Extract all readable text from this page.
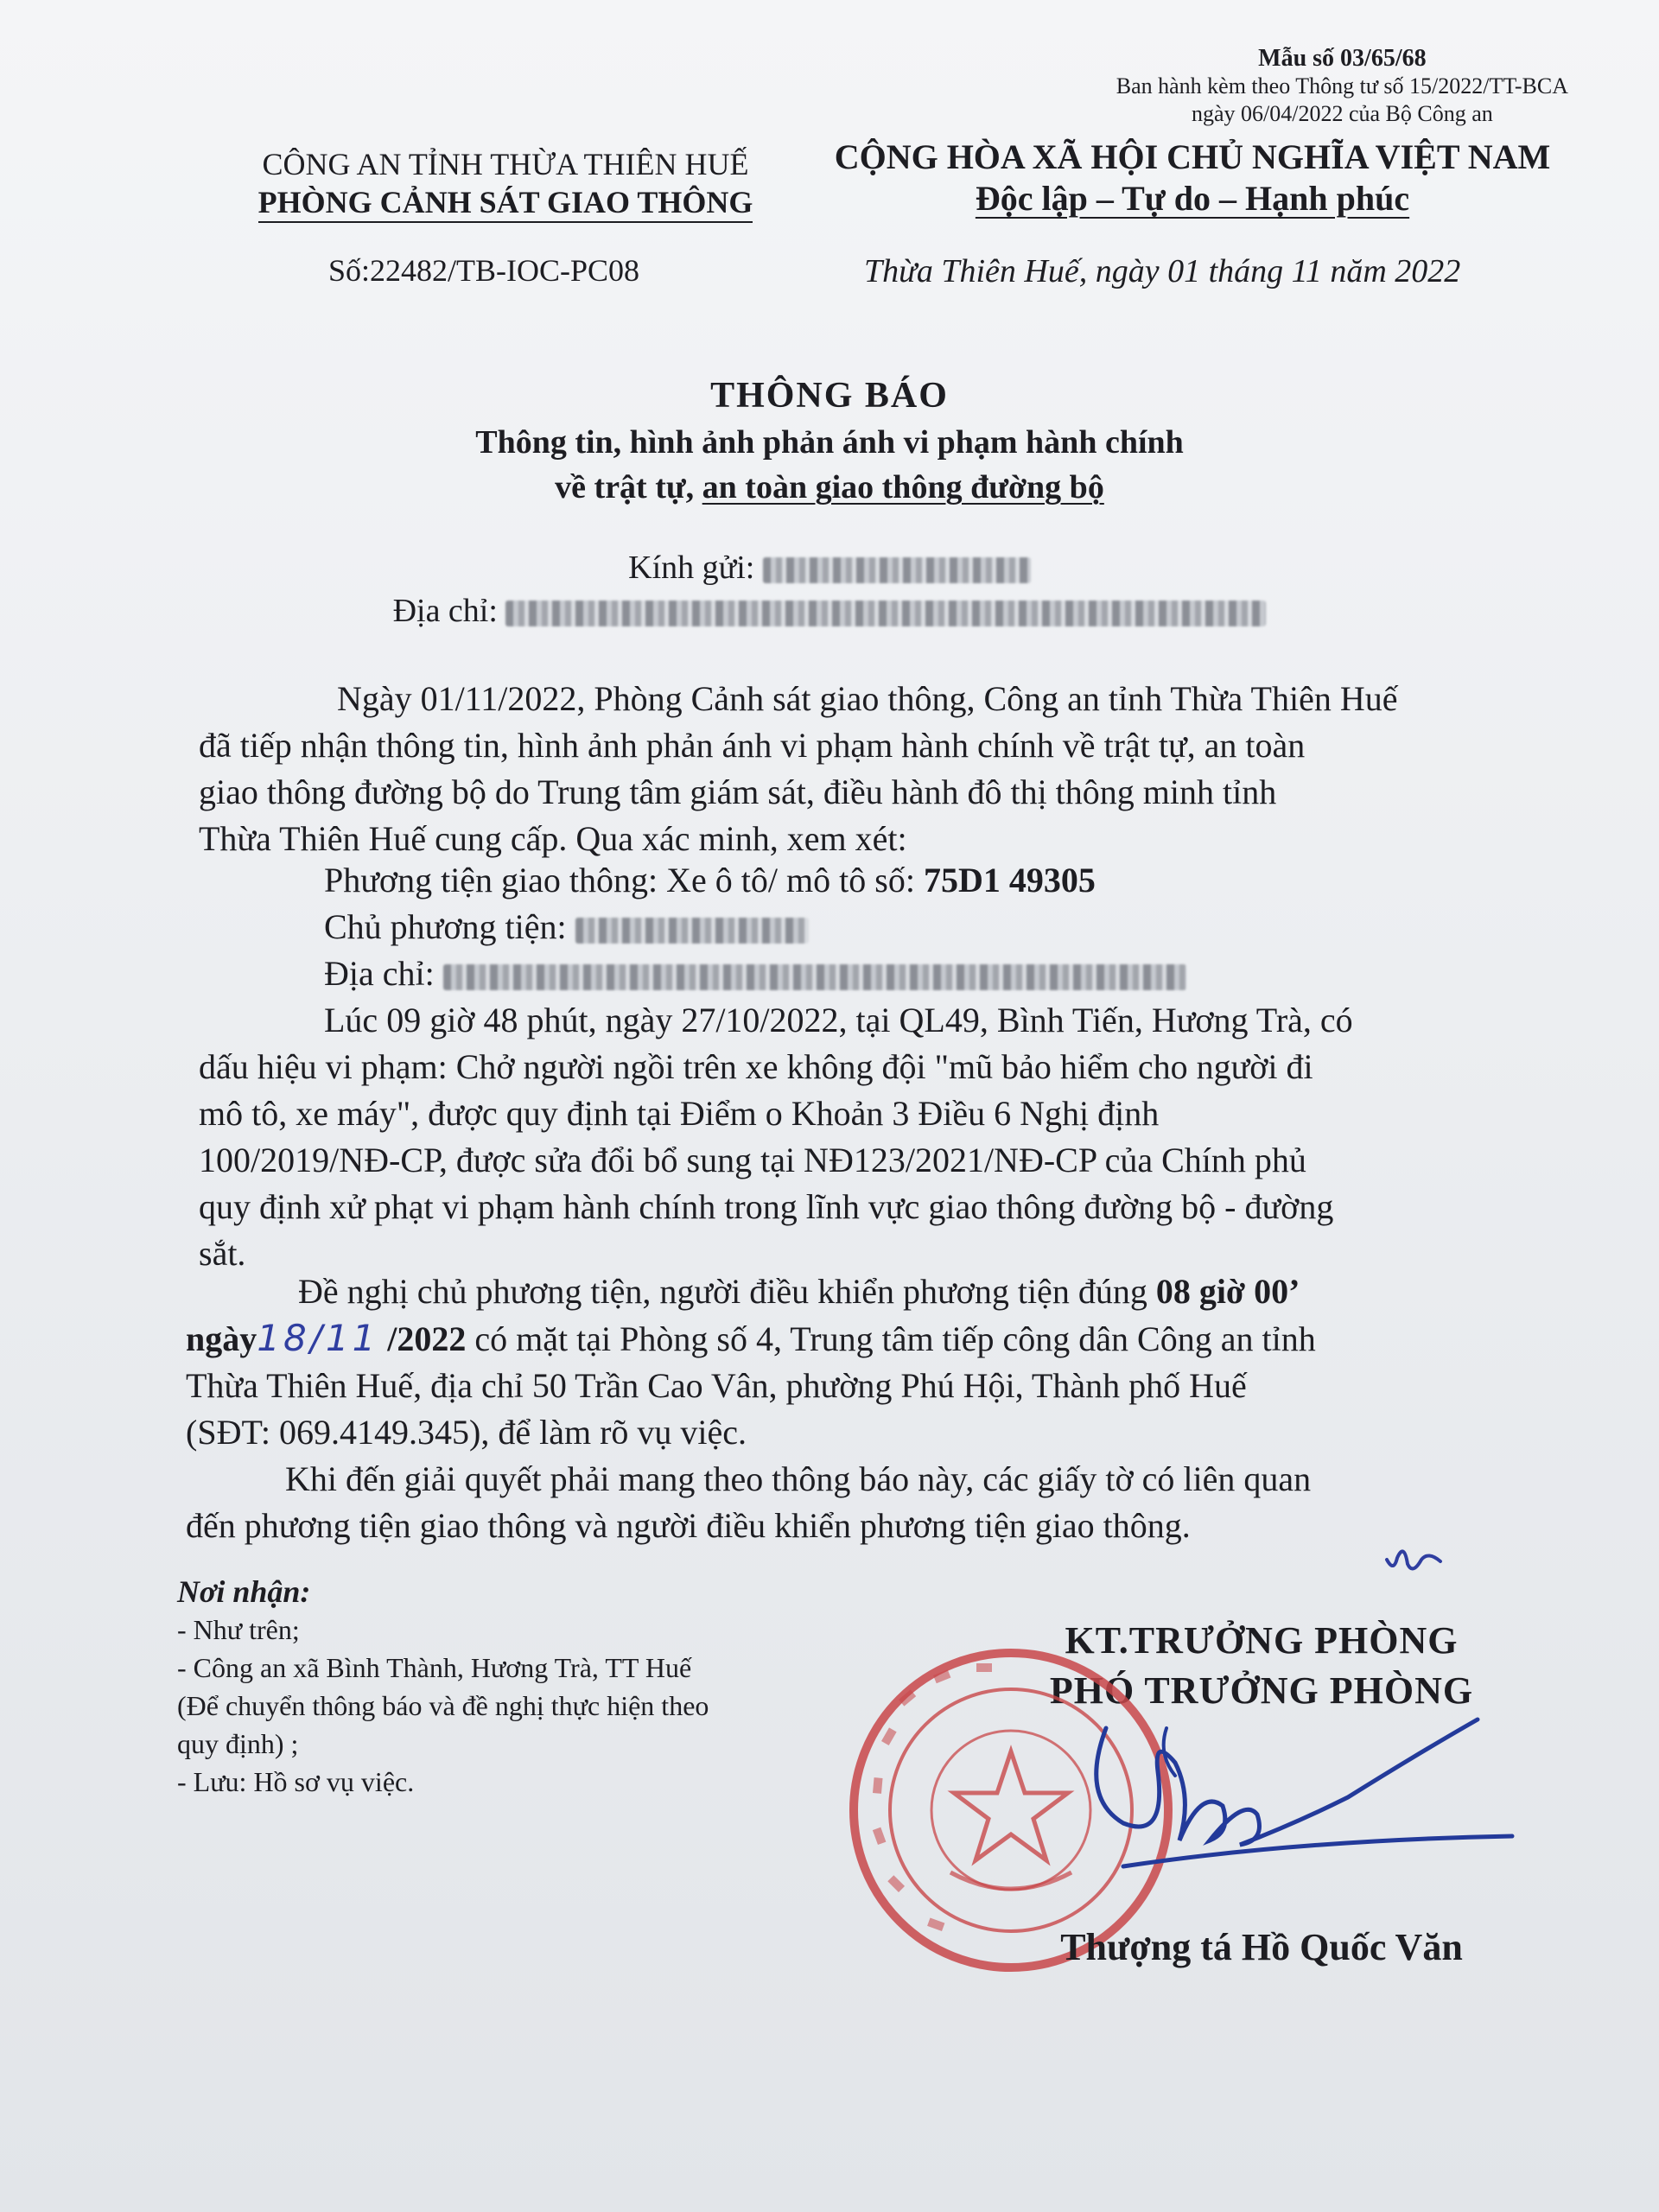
Mẫu số 03/65/68
Ban hành kèm theo Thông tư số 15/2022/TT-BCA
ngày 06/04/2022 của Bộ Công an
CÔNG AN TỈNH THỪA THIÊN HUẾ
PHÒNG CẢNH SÁT GIAO THÔNG
CỘNG HÒA XÃ HỘI CHỦ NGHĨA VIỆT NAM
Độc lập – Tự do – Hạnh phúc
Số:22482/TB-IOC-PC08	Thừa Thiên Huế, ngày 01 tháng 11 năm 2022
THÔNG BÁO
Thông tin, hình ảnh phản ánh vi phạm hành chính
về trật tự, an toàn giao thông đường bộ
Kính gửi:
Địa chỉ:
Ngày 01/11/2022, Phòng Cảnh sát giao thông, Công an tỉnh Thừa Thiên Huế
đã tiếp nhận thông tin, hình ảnh phản ánh vi phạm hành chính về trật tự, an toàn
giao thông đường bộ do Trung tâm giám sát, điều hành đô thị thông minh tỉnh
Thừa Thiên Huế cung cấp. Qua xác minh, xem xét:
Phương tiện giao thông: Xe ô tô/ mô tô số: 75D1 49305
Chủ phương tiện:
Địa chỉ:
Lúc 09 giờ 48 phút, ngày 27/10/2022, tại QL49, Bình Tiến, Hương Trà, có
dấu hiệu vi phạm: Chở người ngồi trên xe không đội "mũ bảo hiểm cho người đi
mô tô, xe máy", được quy định tại Điểm o Khoản 3 Điều 6 Nghị định
100/2019/NĐ-CP, được sửa đổi bổ sung tại NĐ123/2021/NĐ-CP của Chính phủ
quy định xử phạt vi phạm hành chính trong lĩnh vực giao thông đường bộ - đường
sắt.
Đề nghị chủ phương tiện, người điều khiển phương tiện đúng 08 giờ 00’
ngày18/11 /2022 có mặt tại Phòng số 4, Trung tâm tiếp công dân Công an tỉnh
Thừa Thiên Huế, địa chỉ 50 Trần Cao Vân, phường Phú Hội, Thành phố Huế
(SĐT: 069.4149.345), để làm rõ vụ việc.
Khi đến giải quyết phải mang theo thông báo này, các giấy tờ có liên quan
đến phương tiện giao thông và người điều khiển phương tiện giao thông.
Nơi nhận:
- Như trên;
- Công an xã Bình Thành, Hương Trà, TT Huế
(Để chuyển thông báo và đề nghị thực hiện theo
quy định) ;
- Lưu: Hồ sơ vụ việc.
KT.TRƯỞNG PHÒNG
PHÓ TRƯỞNG PHÒNG
Thượng tá Hồ Quốc Văn
